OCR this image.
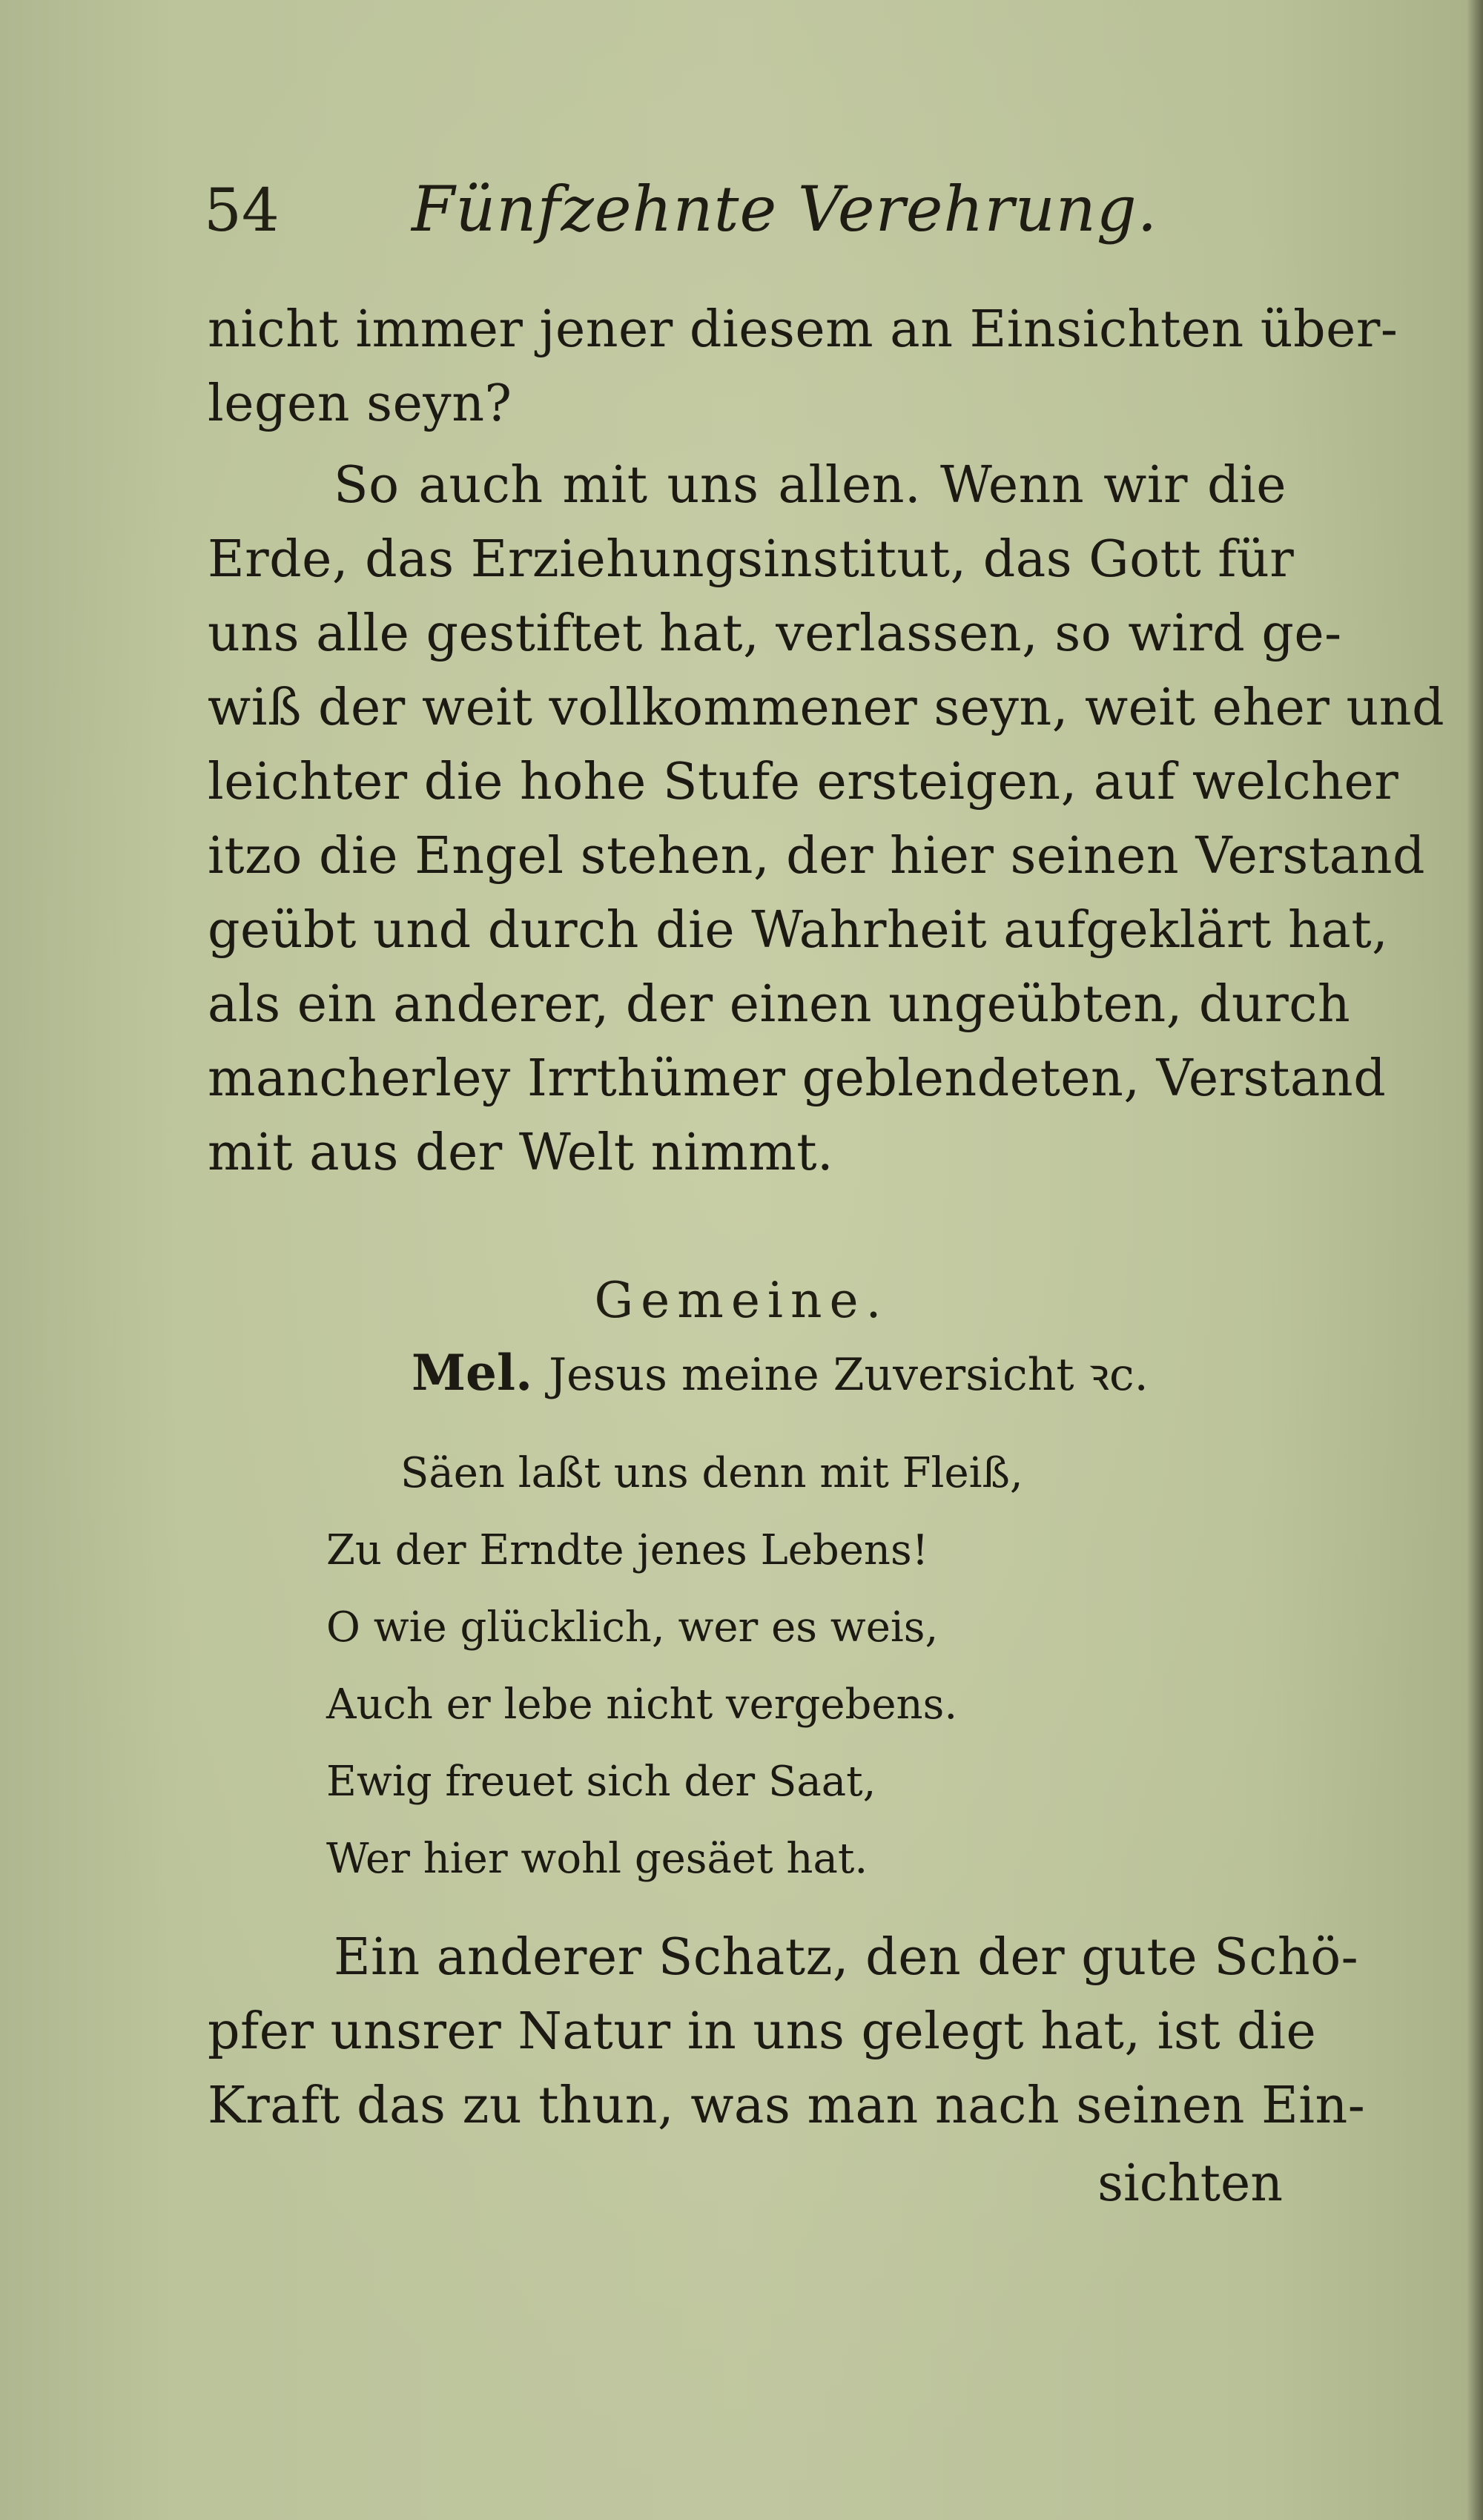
54 Fünfzehnte Verehrung.
nicht immer jener diesem an Einsichten über-
legen seyn?
So auch mit uns allen. Wenn wir die
Erde, das Erziehungsinstitut, das Gott für
uns alle gestiftet hat, verlassen, so wird ge-
wiß der weit vollkommener seyn, weit eher und
leichter die hohe Stufe ersteigen, auf welcher
itzo die Engel stehen, der hier seinen Verstand
geübt und durch die Wahrheit aufgeklärt hat,
als ein anderer, der einen ungeübten, durch
mancherley Irrthümer geblendeten, Verstand
mit aus der Welt nimmt.
Gemeine.
Mel. Jesus meine Zuversicht ꝛc.
Säen laßt uns denn mit Fleiß,
Zu der Erndte jenes Lebens!
O wie glücklich, wer es weis,
Auch er lebe nicht vergebens.
Ewig freuet sich der Saat,
Wer hier wohl gesäet hat.
Ein anderer Schatz, den der gute Schö-
pfer unsrer Natur in uns gelegt hat, ist die
Kraft das zu thun, was man nach seinen Ein-
sichten
